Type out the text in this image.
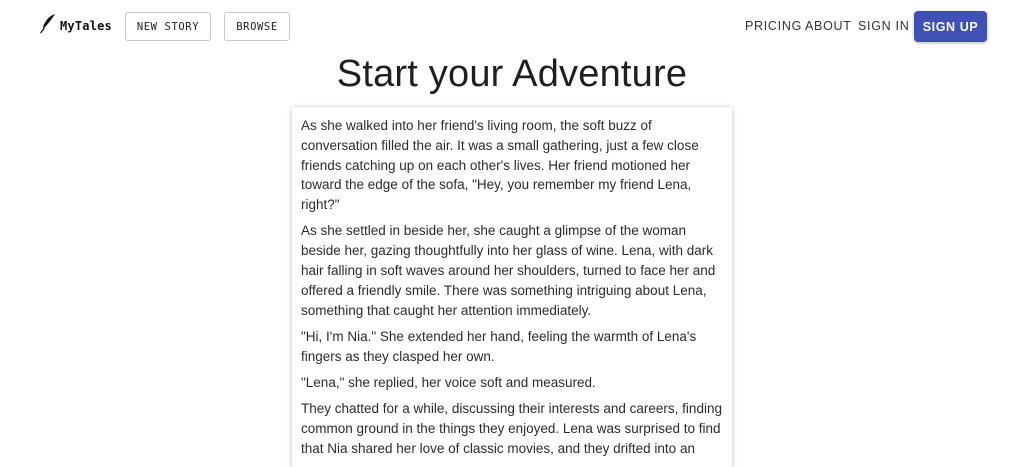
MyTales	NEW STORY	BROWSE	PRICING ABOUT SIGN IN	SIGN UP
Start your Adventure

As she walked into her friend's living room, the soft buzz of conversation filled the air. It was a small gathering, just a few close friends catching up on each other's lives. Her friend motioned her toward the edge of the sofa, "Hey, you remember my friend Lena, right?"

As she settled in beside her, she caught a glimpse of the woman beside her, gazing thoughtfully into her glass of wine. Lena, with dark hair falling in soft waves around her shoulders, turned to face her and offered a friendly smile. There was something intriguing about Lena, something that caught her attention immediately.

"Hi, I'm Nia." She extended her hand, feeling the warmth of Lena's fingers as they clasped her own.

"Lena," she replied, her voice soft and measured.

They chatted for a while, discussing their interests and careers, finding common ground in the things they enjoyed. Lena was surprised to find that Nia shared her love of classic movies, and they drifted into an
